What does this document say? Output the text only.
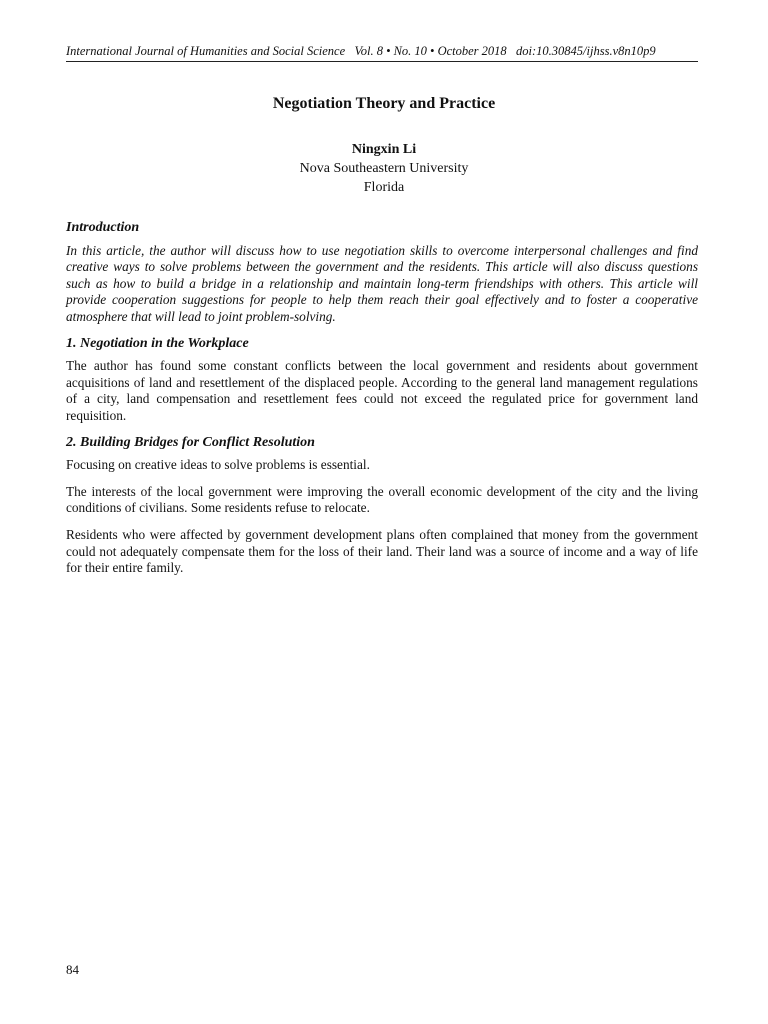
International Journal of Humanities and Social Science Vol. 8 • No. 10 • October 2018 doi:10.30845/ijhss.v8n10p9
Negotiation Theory and Practice
Ningxin Li
Nova Southeastern University
Florida
Introduction

In this article, the author will discuss how to use negotiation skills to overcome interpersonal challenges and find creative ways to solve problems between the government and the residents. This article will also discuss questions such as how to build a bridge in a relationship and maintain long-term friendships with others. This article will provide cooperation suggestions for people to help them reach their goal effectively and to foster a cooperative atmosphere that will lead to joint problem-solving.

1. Negotiation in the Workplace

The author has found some constant conflicts between the local government and residents about government acquisitions of land and resettlement of the displaced people. According to the general land management regulations of a city, land compensation and resettlement fees could not exceed the regulated price for government land requisition.

2. Building Bridges for Conflict Resolution

Focusing on creative ideas to solve problems is essential.

The interests of the local government were improving the overall economic development of the city and the living conditions of civilians. Some residents refuse to relocate.

Residents who were affected by government development plans often complained that money from the government could not adequately compensate them for the loss of their land. Their land was a source of income and a way of life for their entire family.

84
